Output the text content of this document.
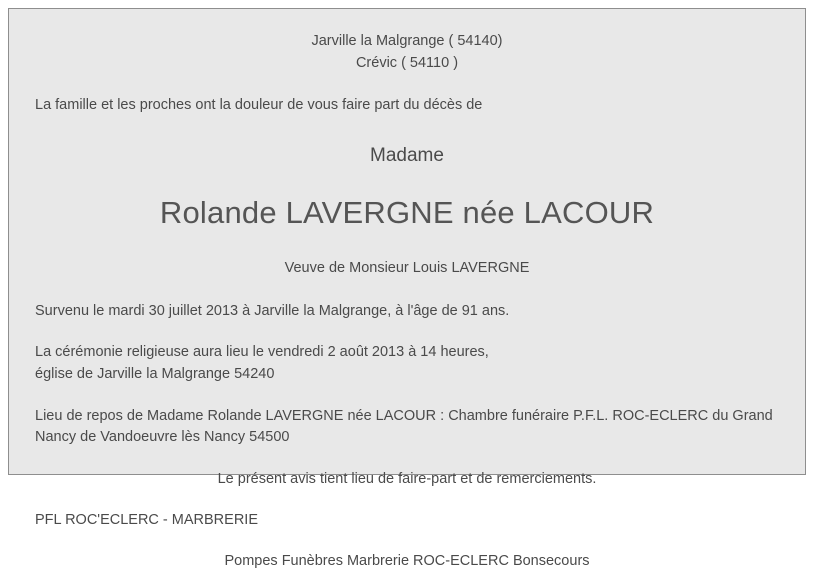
Jarville la Malgrange ( 54140)
Crévic ( 54110 )
La famille et les proches ont la douleur de vous faire part du décès de
Madame
Rolande LAVERGNE née LACOUR
Veuve de Monsieur Louis LAVERGNE
Survenu le mardi 30 juillet 2013 à Jarville la Malgrange, à l'âge de 91 ans.
La cérémonie religieuse aura lieu le vendredi 2 août 2013 à 14 heures,
église de Jarville la Malgrange 54240
Lieu de repos de Madame Rolande LAVERGNE née LACOUR : Chambre funéraire P.F.L. ROC-ECLERC du Grand
Nancy de Vandoeuvre lès Nancy 54500
Le présent avis tient lieu de faire-part et de remerciements.
PFL ROC'ECLERC - MARBRERIE
Pompes Funèbres Marbrerie ROC-ECLERC Bonsecours
